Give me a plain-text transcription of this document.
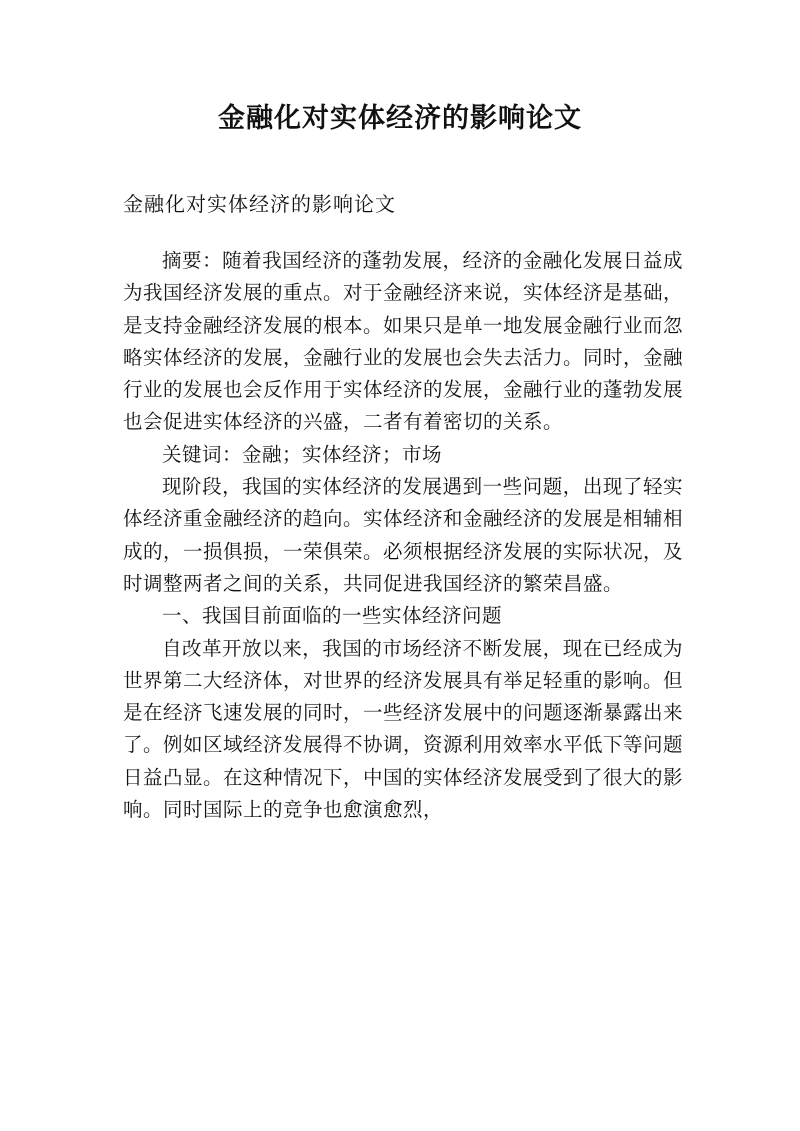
金融化对实体经济的影响论文

金融化对实体经济的影响论文

摘要：随着我国经济的蓬勃发展，经济的金融化发展日益成为我国经济发展的重点。对于金融经济来说，实体经济是基础，是支持金融经济发展的根本。如果只是单一地发展金融行业而忽略实体经济的发展，金融行业的发展也会失去活力。同时，金融行业的发展也会反作用于实体经济的发展，金融行业的蓬勃发展也会促进实体经济的兴盛，二者有着密切的关系。

关键词：金融；实体经济；市场

现阶段，我国的实体经济的发展遇到一些问题，出现了轻实体经济重金融经济的趋向。实体经济和金融经济的发展是相辅相成的，一损俱损，一荣俱荣。必须根据经济发展的实际状况，及时调整两者之间的关系，共同促进我国经济的繁荣昌盛。

一、我国目前面临的一些实体经济问题

自改革开放以来，我国的市场经济不断发展，现在已经成为世界第二大经济体，对世界的经济发展具有举足轻重的影响。但是在经济飞速发展的同时，一些经济发展中的问题逐渐暴露出来了。例如区域经济发展得不协调，资源利用效率水平低下等问题日益凸显。在这种情况下，中国的实体经济发展受到了很大的影响。同时国际上的竞争也愈演愈烈，
